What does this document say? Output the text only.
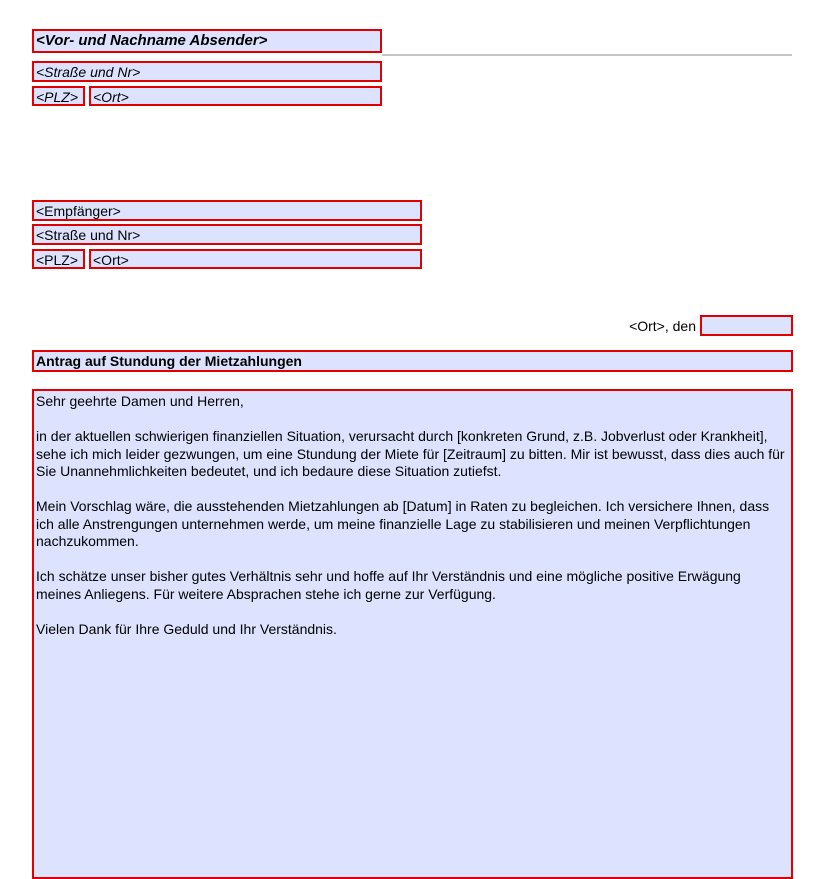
<Vor- und Nachname Absender>
<Straße und Nr>
<PLZ>	<Ort>
<Empfänger>
<Straße und Nr>
<PLZ>	<Ort>
<Ort>, den
Antrag auf Stundung der Mietzahlungen

Sehr geehrte Damen und Herren,

in der aktuellen schwierigen finanziellen Situation, verursacht durch [konkreten Grund, z.B. Jobverlust oder Krankheit], sehe ich mich leider gezwungen, um eine Stundung der Miete für [Zeitraum] zu bitten. Mir ist bewusst, dass dies auch für Sie Unannehmlichkeiten bedeutet, und ich bedaure diese Situation zutiefst.

Mein Vorschlag wäre, die ausstehenden Mietzahlungen ab [Datum] in Raten zu begleichen. Ich versichere Ihnen, dass ich alle Anstrengungen unternehmen werde, um meine finanzielle Lage zu stabilisieren und meinen Verpflichtungen nachzukommen.

Ich schätze unser bisher gutes Verhältnis sehr und hoffe auf Ihr Verständnis und eine mögliche positive Erwägung meines Anliegens. Für weitere Absprachen stehe ich gerne zur Verfügung.

Vielen Dank für Ihre Geduld und Ihr Verständnis.
